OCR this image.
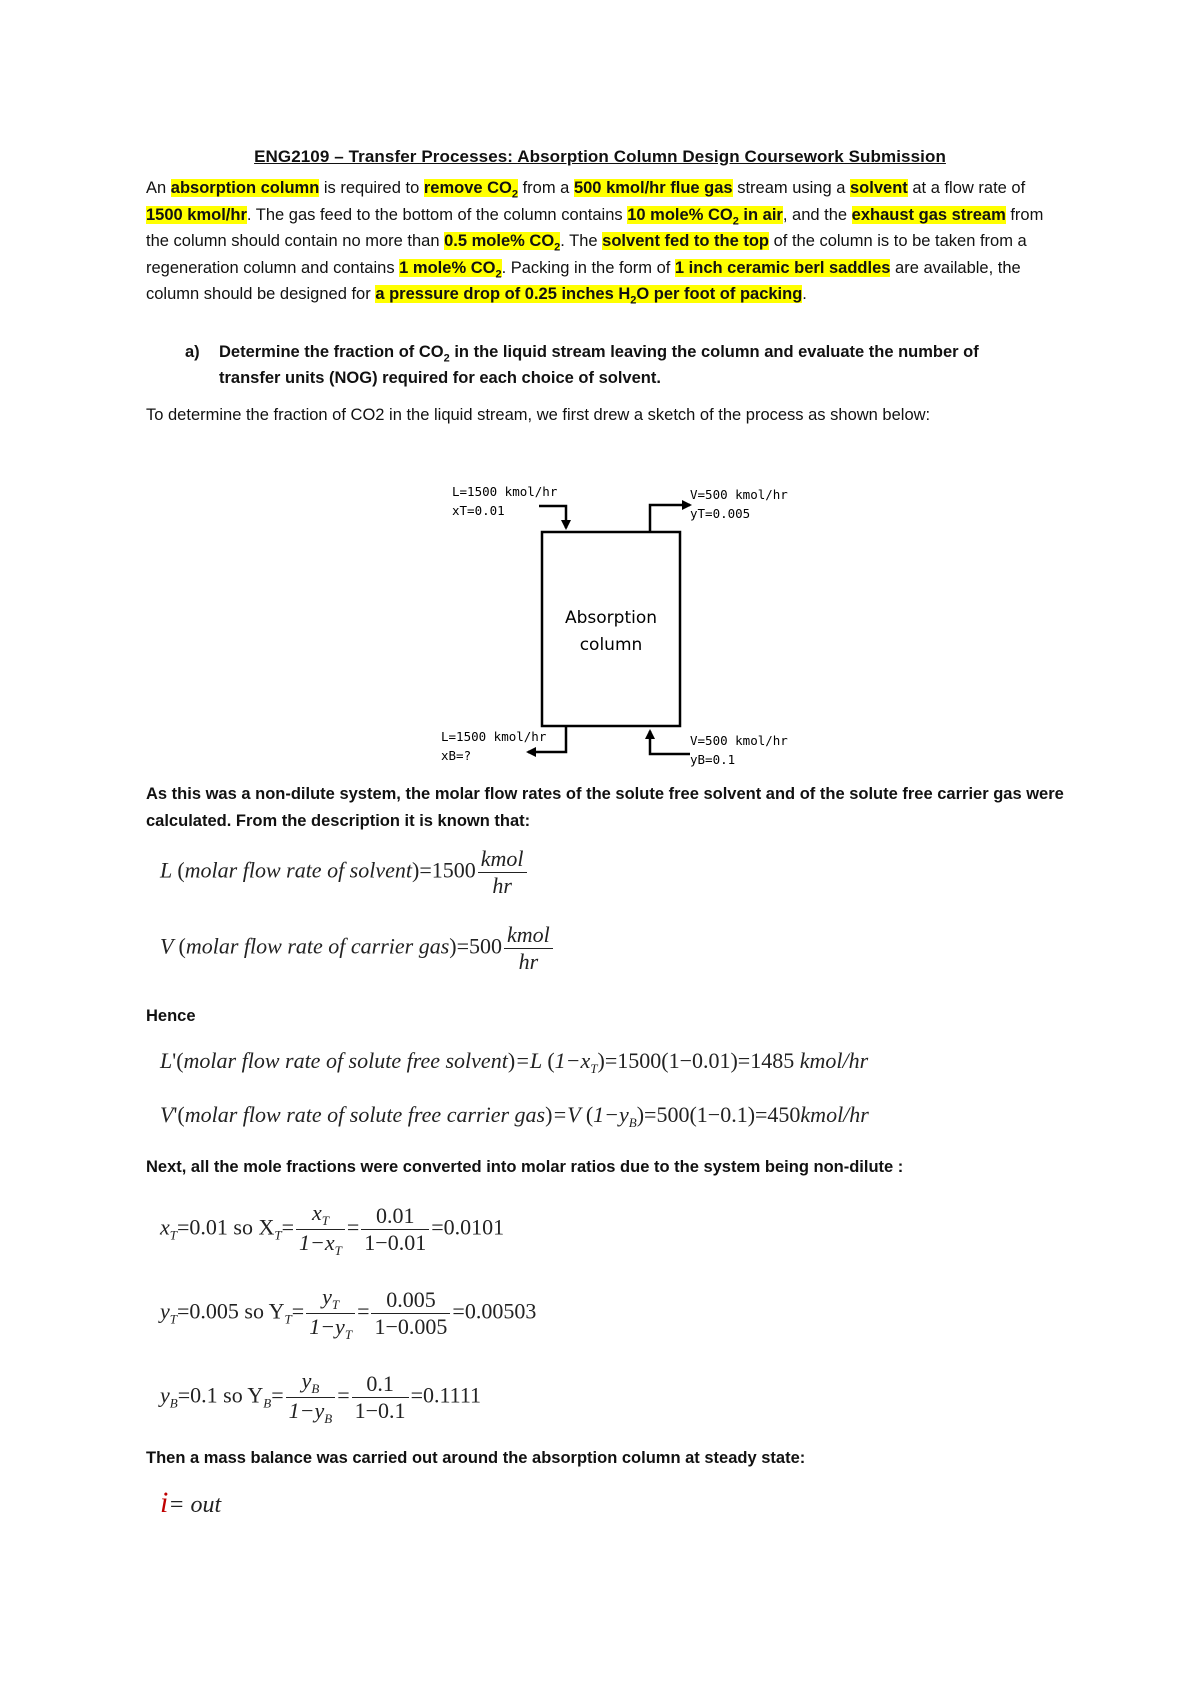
ENG2109 – Transfer Processes: Absorption Column Design Coursework Submission
An absorption column is required to remove $CO_2$ from a 500 kmol/hr flue gas stream using a solvent at a flow rate of 1500 kmol/hr. The gas feed to the bottom of the column contains 10 mole% $CO_2$ in air, and the exhaust gas stream from the column should contain no more than 0.5 mole% $CO_2$. The solvent fed to the top of the column is to be taken from a regeneration column and contains 1 mole% $CO_2$. Packing in the form of 1 inch ceramic berl saddles are available, the column should be designed for a pressure drop of 0.25 inches $H_2O$ per foot of packing.
a) Determine the fraction of $CO_2$ in the liquid stream leaving the column and evaluate the number of transfer units (NOG) required for each choice of solvent.
To determine the fraction of CO2 in the liquid stream, we first drew a sketch of the process as shown below:
Absorption
column
L=1500 kmol/hr
xT=0.01
V=500 kmol/hr
yT=0.005
L=1500 kmol/hr
xB=?
V=500 kmol/hr
yB=0.1
As this was a non-dilute system, the molar flow rates of the solute free solvent and of the solute free carrier gas were calculated. From the description it is known that:
L (molar flow rate of solvent)=1500 $\frac{\text{kmol}}{hr}$
V (molar flow rate of carrier $gas)=500 \frac{\text{kmol}}{hr}$
Hence
L'(molar flow rate of solute free solvent)=L $(1-x_T)=1500(1-0.01)=1485$ kmol/hr
V'(molar flow rate of solute free carrier gas)=V $(1-y_B)=500(1-0.1)=450kmol/hr$
Next, all the mole fractions were converted into molar ratios due to the system being non-dilute :
$x_T=0.01$ so $X_T= \frac{x_T}{1-x_T} = \frac{0.01}{1-0.01} =0.0101$
$y_T=0.005$ so $Y_T= \frac{y_T}{1-y_T} = \frac{0.005}{1-0.005} =0.00503$
$y_B=0.1$ so $Y_B= \frac{y_B}{1-y_B} = \frac{0.1}{1-0.1} =0.1111$
Then a mass balance was carried out around the absorption column at steady state:
i= out
